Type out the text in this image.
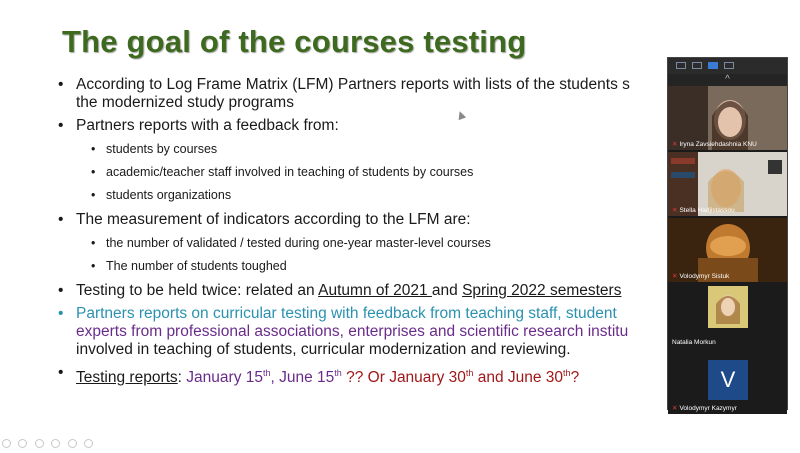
The goal of the courses testing
• According to Log Frame Matrix (LFM) Partners reports with lists of the students s
the modernized study programs
• Partners reports with a feedback from:
• students by courses
• academic/teacher staff involved in teaching of students by courses
• students organizations
• The measurement of indicators according to the LFM are:
• the number of validated / tested during one-year master-level courses
• The number of students toughed
• Testing to be held twice: related an Autumn of 2021 and Spring 2022 semesters
• Partners reports on curricular testing with feedback from teaching staff, student
experts from professional associations, enterprises and scientific research institu
involved in teaching of students, curricular modernization and reviewing.
• Testing reports: January 15th, June 15th ?? Or January 30th and June 30th?
^
✕ Iryna Zavsiehdashnia KNU
✕ Stella Hadjistassou
✕ Volodymyr Sistuk
Natalia Morkun
V
✕ Volodymyr Kazymyr
